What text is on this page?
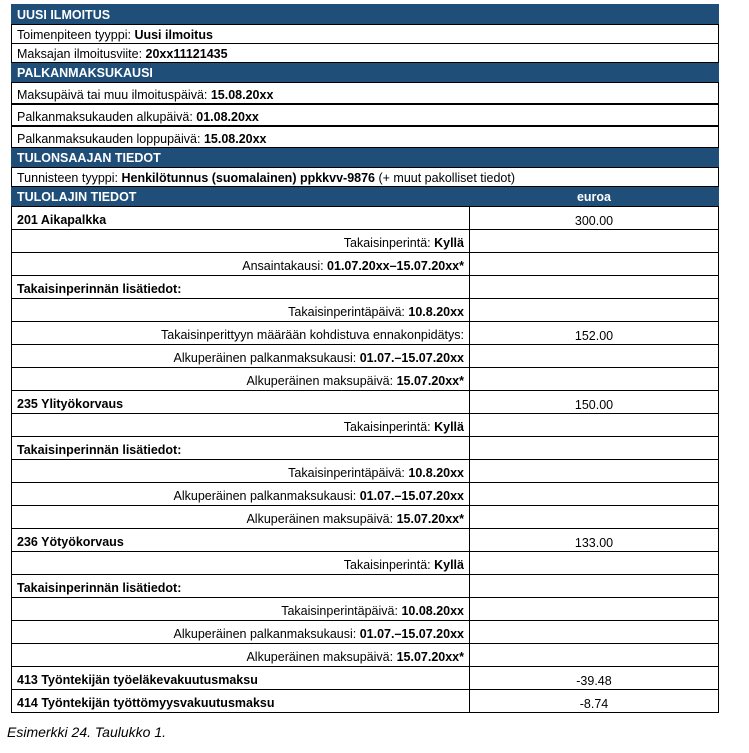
UUSI ILMOITUS	
Toimenpiteen tyyppi: Uusi ilmoitus	
Maksajan ilmoitusviite: 20xx11121435	
PALKANMAKSUKAUSI	
Maksupäivä tai muu ilmoituspäivä: 15.08.20xx	
Palkanmaksukauden alkupäivä: 01.08.20xx	
Palkanmaksukauden loppupäivä: 15.08.20xx	
TULONSAAJAN TIEDOT	
Tunnisteen tyyppi: Henkilötunnus (suomalainen) ppkkvv-9876 (+ muut pakolliset tiedot)	
TULOLAJIN TIEDOT	euroa
201 Aikapalkka	300.00
Takaisinperintä: Kyllä	
Ansaintakausi: 01.07.20xx–15.07.20xx*	
Takaisinperinnän lisätiedot:	
Takaisinperintäpäivä: 10.8.20xx	
Takaisinperittyyn määrään kohdistuva ennakonpidätys:	152.00
Alkuperäinen palkanmaksukausi: 01.07.–15.07.20xx	
Alkuperäinen maksupäivä: 15.07.20xx*	
235 Ylityökorvaus	150.00
Takaisinperintä: Kyllä	
Takaisinperinnän lisätiedot:	
Takaisinperintäpäivä: 10.8.20xx	
Alkuperäinen palkanmaksukausi: 01.07.–15.07.20xx	
Alkuperäinen maksupäivä: 15.07.20xx*	
236 Yötyökorvaus	133.00
Takaisinperintä: Kyllä	
Takaisinperinnän lisätiedot:	
Takaisinperintäpäivä: 10.08.20xx	
Alkuperäinen palkanmaksukausi: 01.07.–15.07.20xx	
Alkuperäinen maksupäivä: 15.07.20xx*	
413 Työntekijän työeläkevakuutusmaksu	-39.48
414 Työntekijän työttömyysvakuutusmaksu	-8.74
Esimerkki 24. Taulukko 1.
